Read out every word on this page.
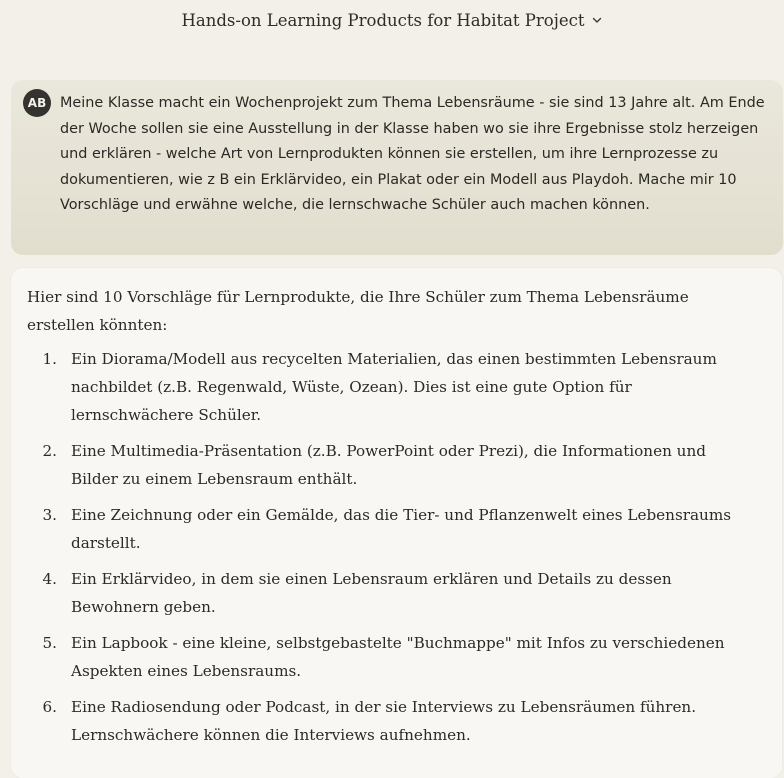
Hands-on Learning Products for Habitat Project
AB Meine Klasse macht ein Wochenprojekt zum Thema Lebensräume - sie sind 13 Jahre alt. Am Ende der Woche sollen sie eine Ausstellung in der Klasse haben wo sie ihre Ergebnisse stolz herzeigen und erklären - welche Art von Lernprodukten können sie erstellen, um ihre Lernprozesse zu dokumentieren, wie z B ein Erklärvideo, ein Plakat oder ein Modell aus Playdoh. Mache mir 10 Vorschläge und erwähne welche, die lernschwache Schüler auch machen können.

Hier sind 10 Vorschläge für Lernprodukte, die Ihre Schüler zum Thema Lebensräume erstellen könnten:

1. Ein Diorama/Modell aus recycelten Materialien, das einen bestimmten Lebensraum nachbildet (z.B. Regenwald, Wüste, Ozean). Dies ist eine gute Option für lernschwächere Schüler.
2. Eine Multimedia-Präsentation (z.B. PowerPoint oder Prezi), die Informationen und Bilder zu einem Lebensraum enthält.
3. Eine Zeichnung oder ein Gemälde, das die Tier- und Pflanzenwelt eines Lebensraums darstellt.
4. Ein Erklärvideo, in dem sie einen Lebensraum erklären und Details zu dessen Bewohnern geben.
5. Ein Lapbook - eine kleine, selbstgebastelte "Buchmappe" mit Infos zu verschiedenen Aspekten eines Lebensraums.
6. Eine Radiosendung oder Podcast, in der sie Interviews zu Lebensräumen führen. Lernschwächere können die Interviews aufnehmen.
